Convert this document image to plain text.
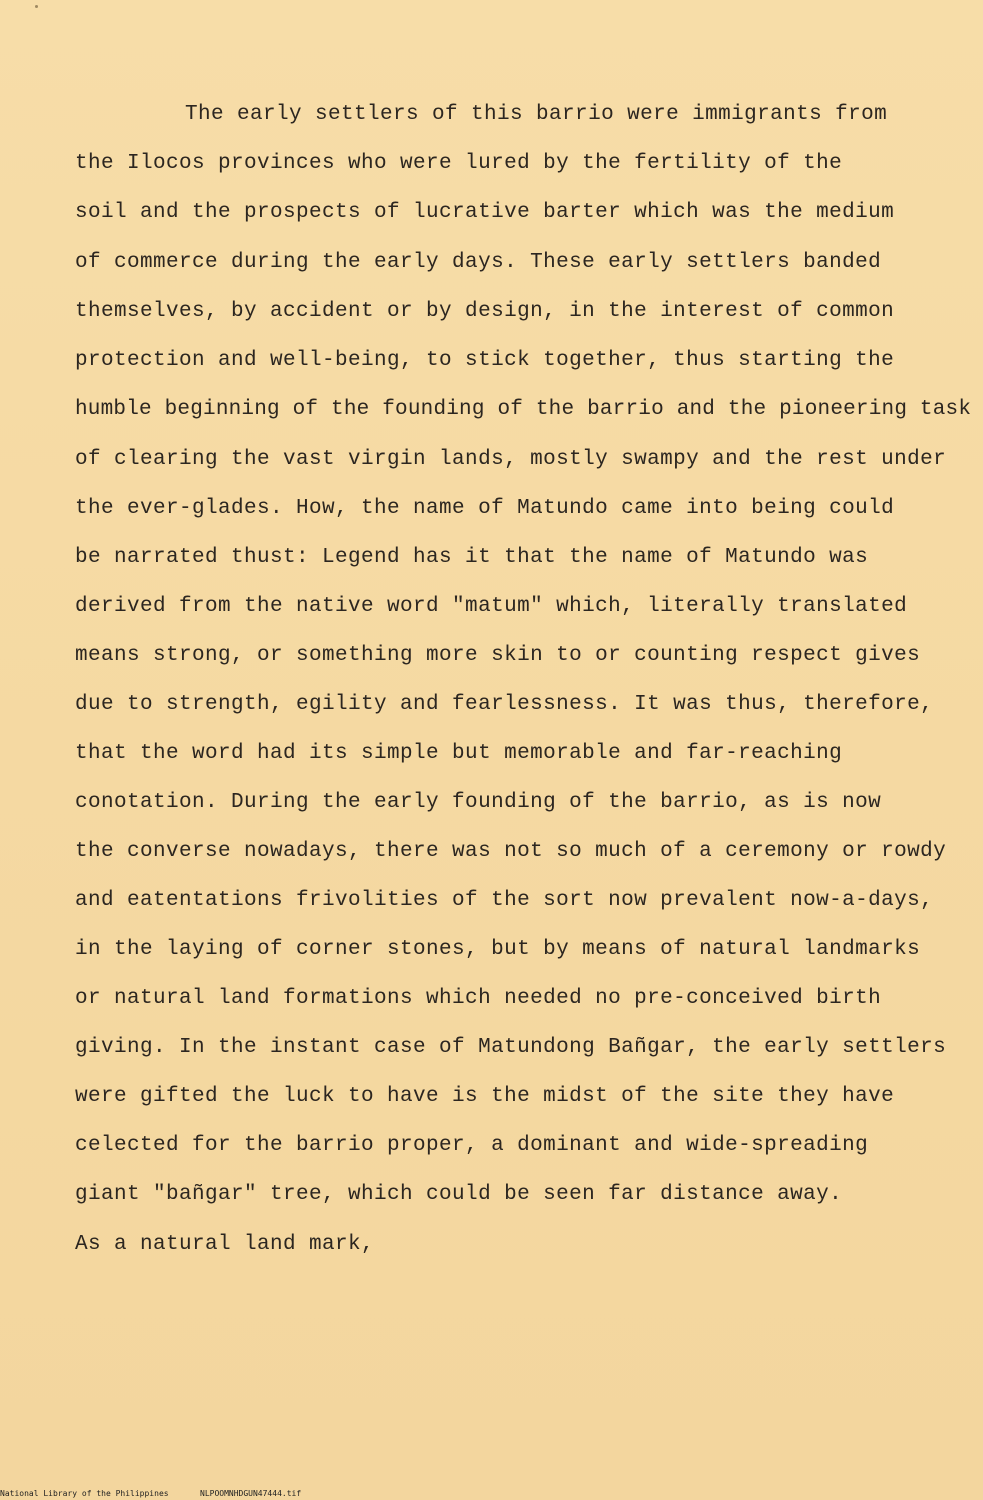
The early settlers of this barrio were immigrants from
the Ilocos provinces who were lured by the fertility of the
soil and the prospects of lucrative barter which was the medium
of commerce during the early days. These early settlers banded
themselves, by accident or by design, in the interest of common
protection and well-being, to stick together, thus starting the
humble beginning of the founding of the barrio and the pioneering task
of clearing the vast virgin lands, mostly swampy and the rest under
the ever-glades. How, the name of Matundo came into being could
be narrated thust: Legend has it that the name of Matundo was
derived from the native word "matum" which, literally translated
means strong, or something more skin to or counting respect gives
due to strength, egility and fearlessness. It was thus, therefore,
that the word had its simple but memorable and far-reaching
conotation. During the early founding of the barrio, as is now
the converse nowadays, there was not so much of a ceremony or rowdy
and eatentations frivolities of the sort now prevalent now-a-days,
in the laying of corner stones, but by means of natural landmarks
or natural land formations which needed no pre-conceived birth
giving. In the instant case of Matundong Bañgar, the early settlers
were gifted the luck to have is the midst of the site they have
celected for the barrio proper, a dominant and wide-spreading
giant "bañgar" tree, which could be seen far distance away.
As a natural land mark,
National Library of the Philippines	NLPOOMNHDGUN47444.tif
